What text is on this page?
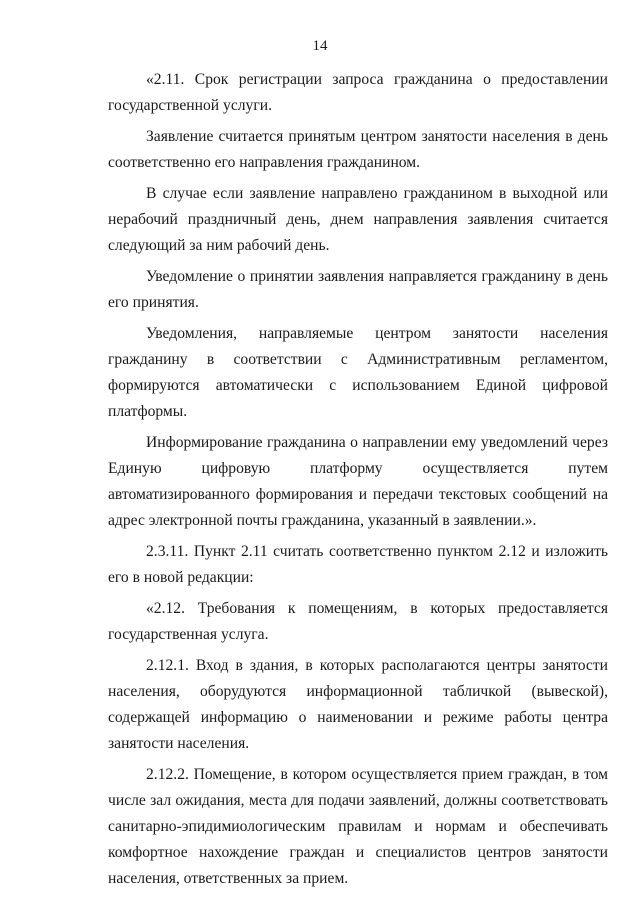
14

«2.11. Срок регистрации запроса гражданина о предоставлении государственной услуги.

Заявление считается принятым центром занятости населения в день соответственно его направления гражданином.

В случае если заявление направлено гражданином в выходной или нерабочий праздничный день, днем направления заявления считается следующий за ним рабочий день.

Уведомление о принятии заявления направляется гражданину в день его принятия.

Уведомления, направляемые центром занятости населения гражданину в соответствии с Административным регламентом, формируются автоматически с использованием Единой цифровой платформы.

Информирование гражданина о направлении ему уведомлений через Единую цифровую платформу осуществляется путем автоматизированного формирования и передачи текстовых сообщений на адрес электронной почты гражданина, указанный в заявлении.».

2.3.11. Пункт 2.11 считать соответственно пунктом 2.12 и изложить его в новой редакции:

«2.12. Требования к помещениям, в которых предоставляется государственная услуга.

2.12.1. Вход в здания, в которых располагаются центры занятости населения, оборудуются информационной табличкой (вывеской), содержащей информацию о наименовании и режиме работы центра занятости населения.

2.12.2. Помещение, в котором осуществляется прием граждан, в том числе зал ожидания, места для подачи заявлений, должны соответствовать санитарно-эпидимиологическим правилам и нормам и обеспечивать комфортное нахождение граждан и специалистов центров занятости населения, ответственных за прием.
